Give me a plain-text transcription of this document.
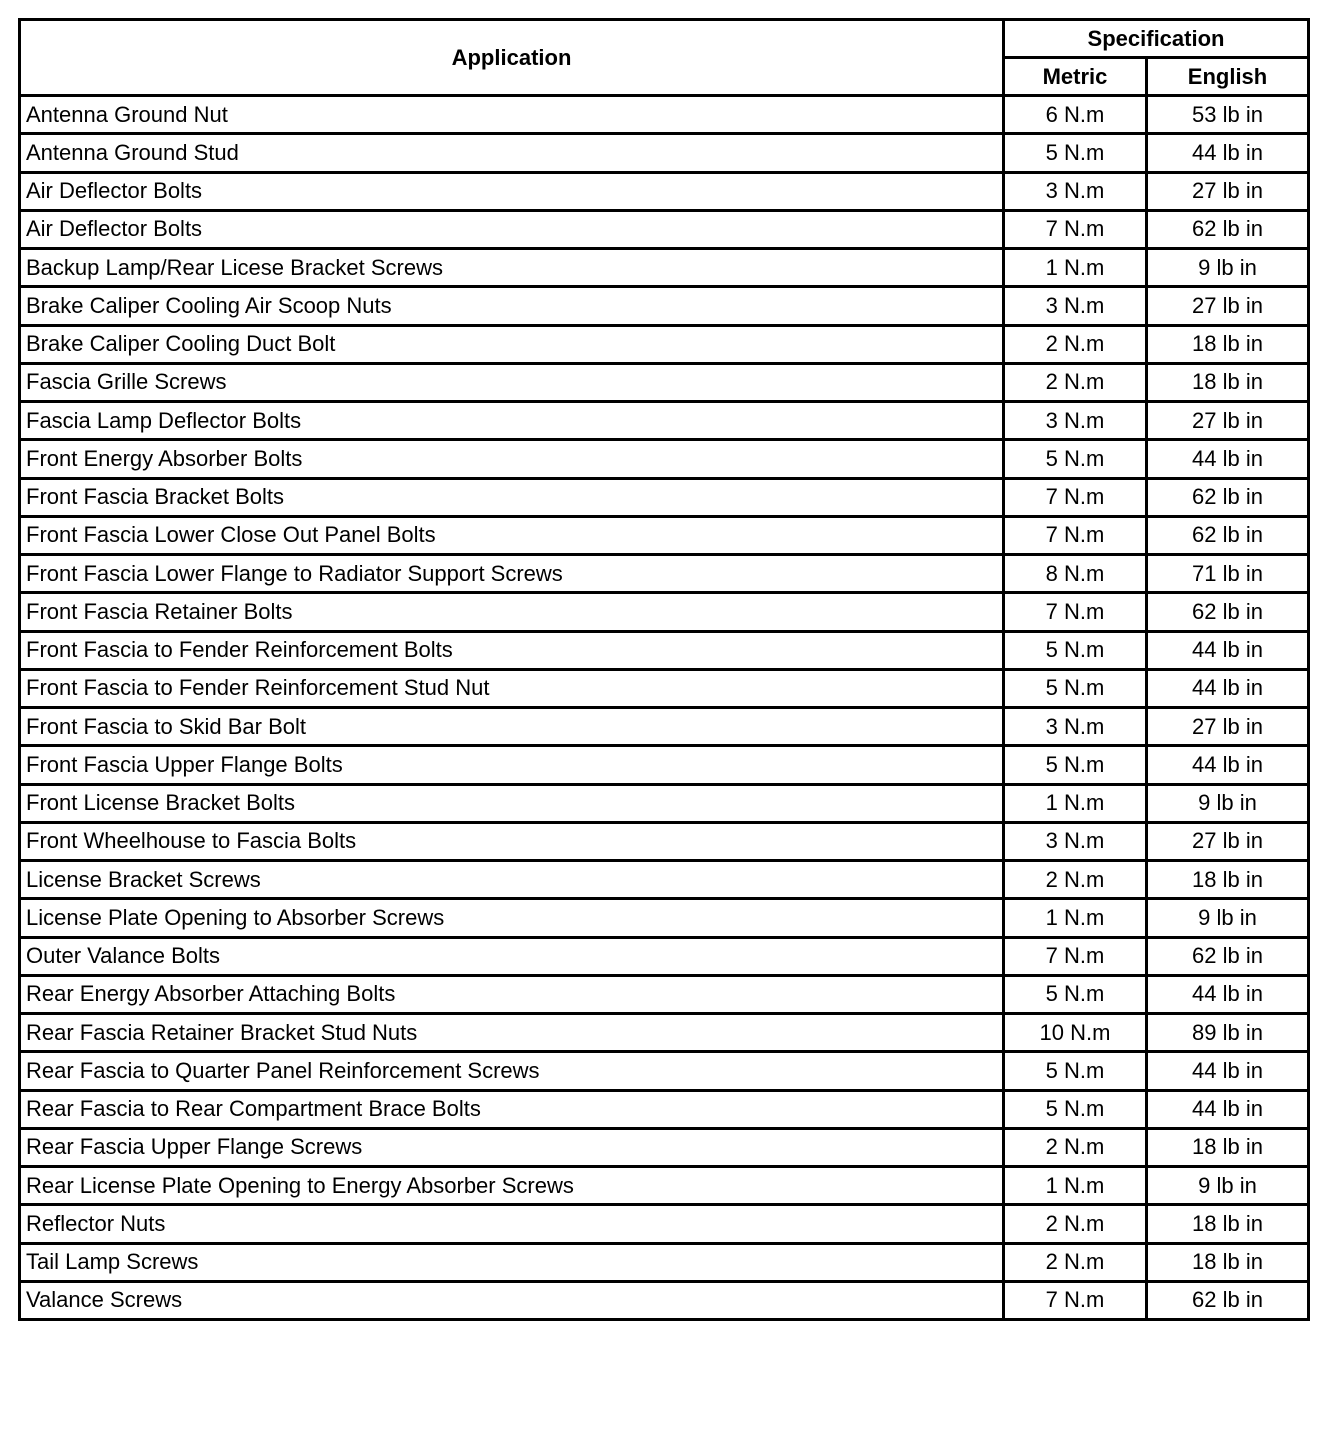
Application	Specification	
	Metric	English
Antenna Ground Nut	6 N.m	53 lb in
Antenna Ground Stud	5 N.m	44 lb in
Air Deflector Bolts	3 N.m	27 lb in
Air Deflector Bolts	7 N.m	62 lb in
Backup Lamp/Rear Licese Bracket Screws	1 N.m	9 lb in
Brake Caliper Cooling Air Scoop Nuts	3 N.m	27 lb in
Brake Caliper Cooling Duct Bolt	2 N.m	18 lb in
Fascia Grille Screws	2 N.m	18 lb in
Fascia Lamp Deflector Bolts	3 N.m	27 lb in
Front Energy Absorber Bolts	5 N.m	44 lb in
Front Fascia Bracket Bolts	7 N.m	62 lb in
Front Fascia Lower Close Out Panel Bolts	7 N.m	62 lb in
Front Fascia Lower Flange to Radiator Support Screws	8 N.m	71 lb in
Front Fascia Retainer Bolts	7 N.m	62 lb in
Front Fascia to Fender Reinforcement Bolts	5 N.m	44 lb in
Front Fascia to Fender Reinforcement Stud Nut	5 N.m	44 lb in
Front Fascia to Skid Bar Bolt	3 N.m	27 lb in
Front Fascia Upper Flange Bolts	5 N.m	44 lb in
Front License Bracket Bolts	1 N.m	9 lb in
Front Wheelhouse to Fascia Bolts	3 N.m	27 lb in
License Bracket Screws	2 N.m	18 lb in
License Plate Opening to Absorber Screws	1 N.m	9 lb in
Outer Valance Bolts	7 N.m	62 lb in
Rear Energy Absorber Attaching Bolts	5 N.m	44 lb in
Rear Fascia Retainer Bracket Stud Nuts	10 N.m	89 lb in
Rear Fascia to Quarter Panel Reinforcement Screws	5 N.m	44 lb in
Rear Fascia to Rear Compartment Brace Bolts	5 N.m	44 lb in
Rear Fascia Upper Flange Screws	2 N.m	18 lb in
Rear License Plate Opening to Energy Absorber Screws	1 N.m	9 lb in
Reflector Nuts	2 N.m	18 lb in
Tail Lamp Screws	2 N.m	18 lb in
Valance Screws	7 N.m	62 lb in
